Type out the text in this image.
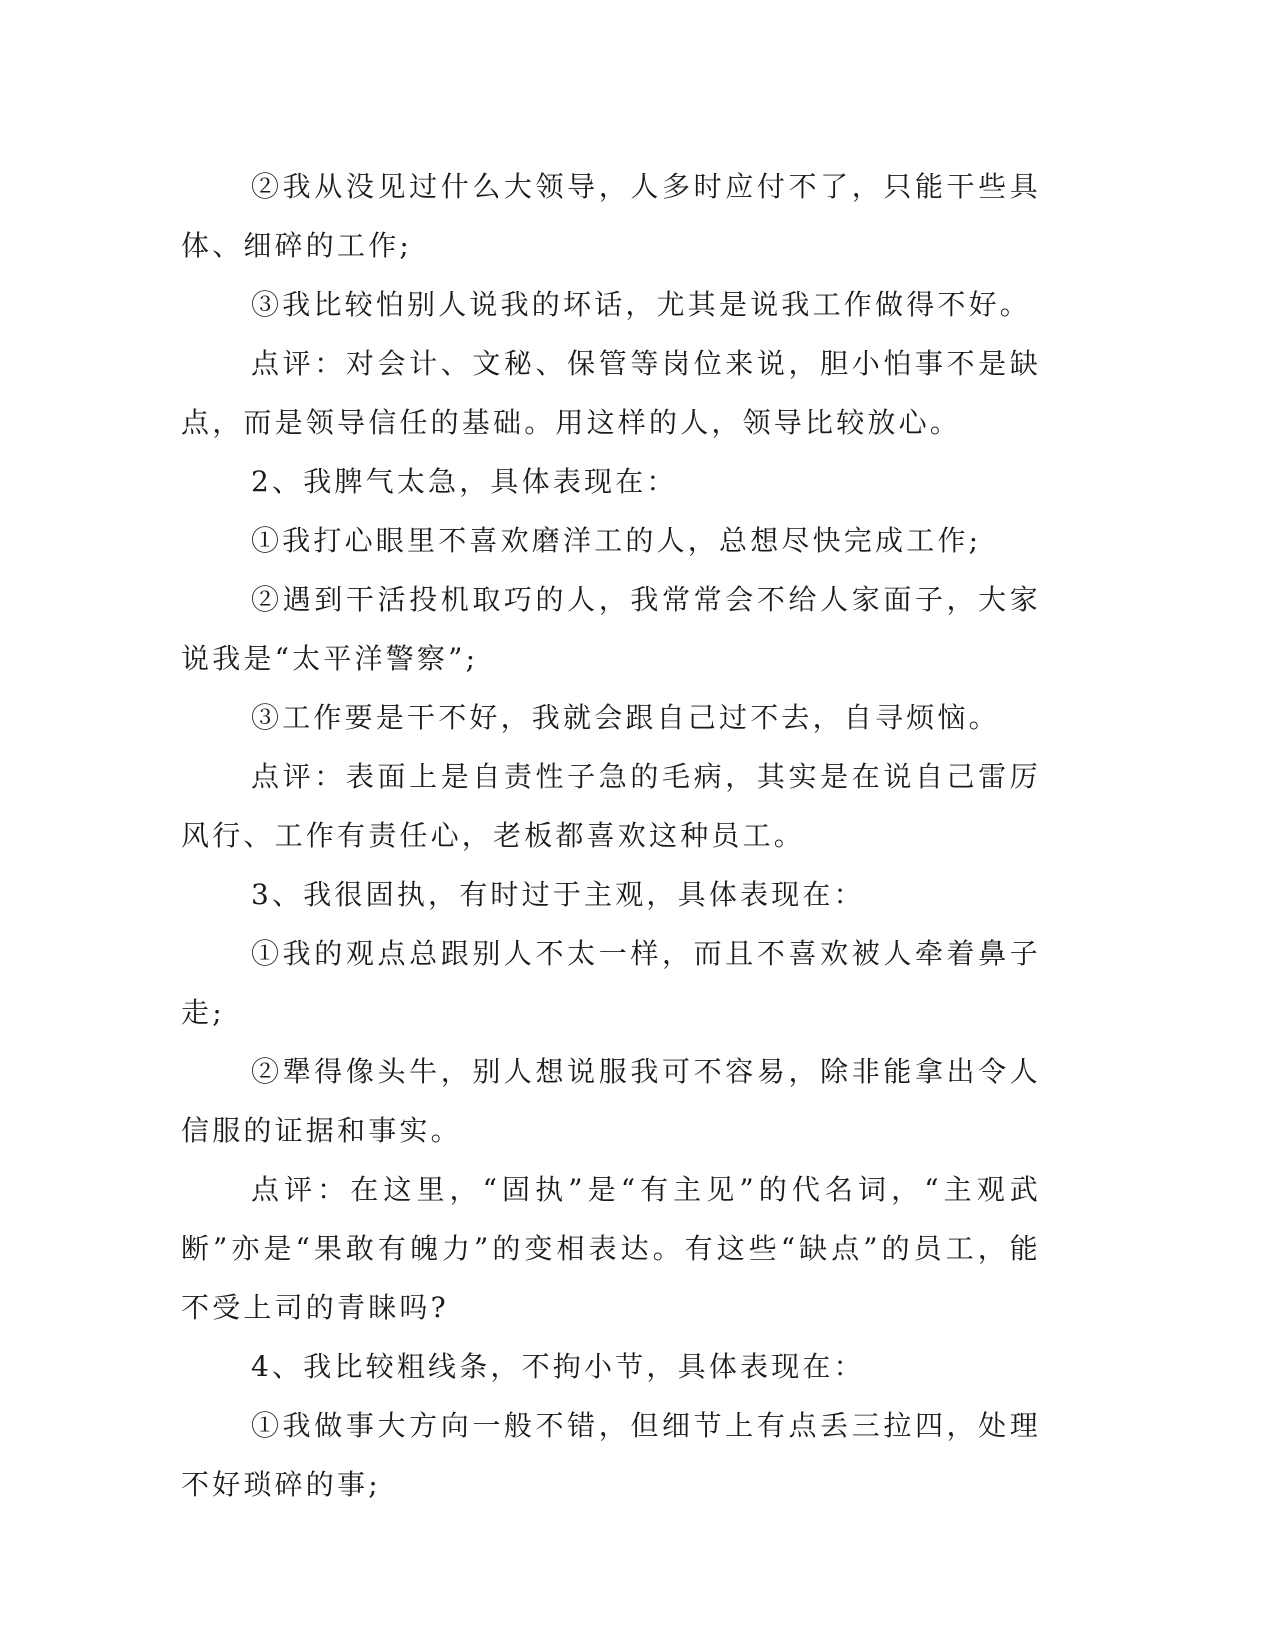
②我从没见过什么大领导，人多时应付不了，只能干些具体、细碎的工作;

③我比较怕别人说我的坏话，尤其是说我工作做得不好。

点评：对会计、文秘、保管等岗位来说，胆小怕事不是缺点，而是领导信任的基础。用这样的人，领导比较放心。

2、我脾气太急，具体表现在：

①我打心眼里不喜欢磨洋工的人，总想尽快完成工作;

②遇到干活投机取巧的人，我常常会不给人家面子，大家说我是“太平洋警察”;

③工作要是干不好，我就会跟自己过不去，自寻烦恼。

点评：表面上是自责性子急的毛病，其实是在说自己雷厉风行、工作有责任心，老板都喜欢这种员工。

3、我很固执，有时过于主观，具体表现在：

①我的观点总跟别人不太一样，而且不喜欢被人牵着鼻子走;

②犟得像头牛，别人想说服我可不容易，除非能拿出令人信服的证据和事实。

点评：在这里，“固执”是“有主见”的代名词，“主观武断”亦是“果敢有魄力”的变相表达。有这些“缺点”的员工，能不受上司的青睐吗?

4、我比较粗线条，不拘小节，具体表现在：

①我做事大方向一般不错，但细节上有点丢三拉四，处理不好琐碎的事;
